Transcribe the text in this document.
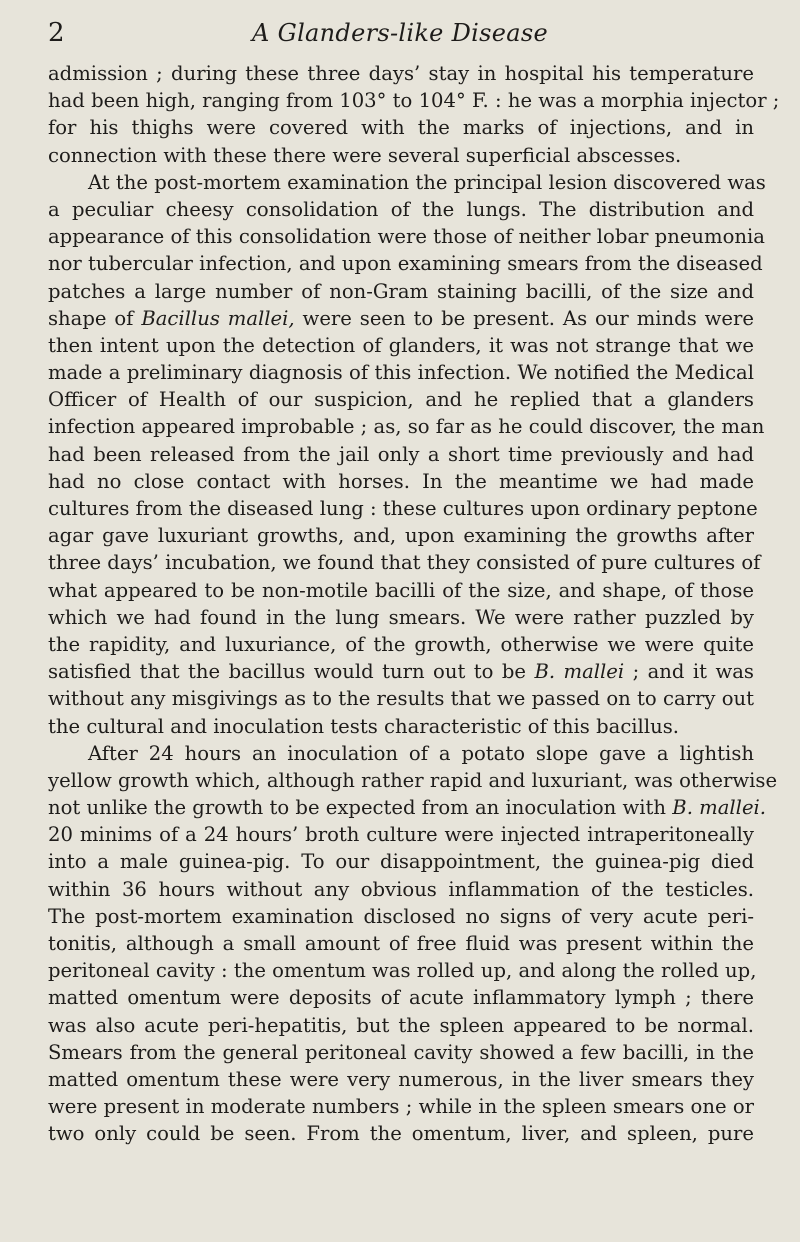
2	A Glanders-like Disease
admission ; during these three days’ stay in hospital his temperature
had been high, ranging from 103° to 104° F. : he was a morphia injector ;
for his thighs were covered with the marks of injections, and in
connection with these there were several superficial abscesses.
At the post-mortem examination the principal lesion discovered was
a peculiar cheesy consolidation of the lungs. The distribution and
appearance of this consolidation were those of neither lobar pneumonia
nor tubercular infection, and upon examining smears from the diseased
patches a large number of non-Gram staining bacilli, of the size and
shape of Bacillus mallei, were seen to be present. As our minds were
then intent upon the detection of glanders, it was not strange that we
made a preliminary diagnosis of this infection. We notified the Medical
Officer of Health of our suspicion, and he replied that a glanders
infection appeared improbable ; as, so far as he could discover, the man
had been released from the jail only a short time previously and had
had no close contact with horses. In the meantime we had made
cultures from the diseased lung : these cultures upon ordinary peptone
agar gave luxuriant growths, and, upon examining the growths after
three days’ incubation, we found that they consisted of pure cultures of
what appeared to be non-motile bacilli of the size, and shape, of those
which we had found in the lung smears. We were rather puzzled by
the rapidity, and luxuriance, of the growth, otherwise we were quite
satisfied that the bacillus would turn out to be B. mallei ; and it was
without any misgivings as to the results that we passed on to carry out
the cultural and inoculation tests characteristic of this bacillus.
After 24 hours an inoculation of a potato slope gave a lightish
yellow growth which, although rather rapid and luxuriant, was otherwise
not unlike the growth to be expected from an inoculation with B. mallei.
20 minims of a 24 hours’ broth culture were injected intraperitoneally
into a male guinea-pig. To our disappointment, the guinea-pig died
within 36 hours without any obvious inflammation of the testicles.
The post-mortem examination disclosed no signs of very acute peri-
tonitis, although a small amount of free fluid was present within the
peritoneal cavity : the omentum was rolled up, and along the rolled up,
matted omentum were deposits of acute inflammatory lymph ; there
was also acute peri-hepatitis, but the spleen appeared to be normal.
Smears from the general peritoneal cavity showed a few bacilli, in the
matted omentum these were very numerous, in the liver smears they
were present in moderate numbers ; while in the spleen smears one or
two only could be seen. From the omentum, liver, and spleen, pure
